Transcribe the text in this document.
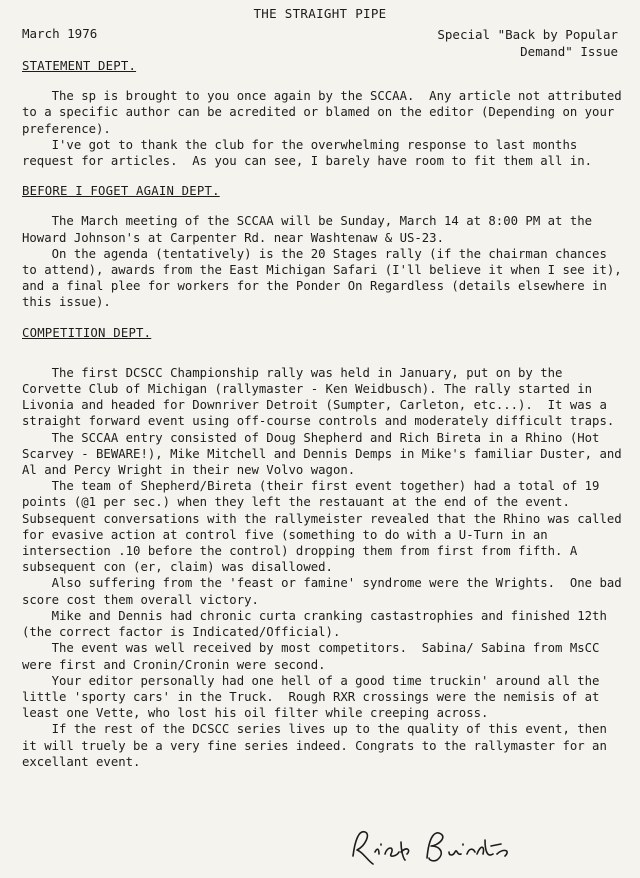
THE STRAIGHT PIPE
March 1976	Special "Back by Popular
Demand" Issue
STATEMENT DEPT.

The sp is brought to you once again by the SCCAA.  Any article not attributed to a specific author can be acredited or blamed on the editor (Depending on your preference).

I've got to thank the club for the overwhelming response to last months request for articles.  As you can see, I barely have room to fit them all in.

BEFORE I FOGET AGAIN DEPT.

The March meeting of the SCCAA will be Sunday, March 14 at 8:00 PM at the Howard Johnson's at Carpenter Rd. near Washtenaw & US-23.

On the agenda (tentatively) is the 20 Stages rally (if the chairman chances to attend), awards from the East Michigan Safari (I'll believe it when I see it), and a final plee for workers for the Ponder On Regardless (details elsewhere in this issue).

COMPETITION DEPT.

The first DCSCC Championship rally was held in January, put on by the Corvette Club of Michigan (rallymaster - Ken Weidbusch). The rally started in Livonia and headed for Downriver Detroit (Sumpter, Carleton, etc...).  It was a straight forward event using off-course controls and moderately difficult traps.

The SCCAA entry consisted of Doug Shepherd and Rich Bireta in a Rhino (Hot Scarvey - BEWARE!), Mike Mitchell and Dennis Demps in Mike's familiar Duster, and Al and Percy Wright in their new Volvo wagon.

The team of Shepherd/Bireta (their first event together) had a total of 19 points (@1 per sec.) when they left the restauant at the end of the event.  Subsequent conversations with the rallymeister revealed that the Rhino was called for evasive action at control five (something to do with a U-Turn in an intersection .10 before the control) dropping them from first from fifth. A subsequent con (er, claim) was disallowed.

Also suffering from the 'feast or famine' syndrome were the Wrights.  One bad score cost them overall victory.

Mike and Dennis had chronic curta cranking castastrophies and finished 12th (the correct factor is Indicated/Official).

The event was well received by most competitors.  Sabina/ Sabina from MsCC were first and Cronin/Cronin were second.

Your editor personally had one hell of a good time truckin' around all the little 'sporty cars' in the Truck.  Rough RXR crossings were the nemisis of at least one Vette, who lost his oil filter while creeping across.

If the rest of the DCSCC series lives up to the quality of this event, then it will truely be a very fine series indeed. Congrats to the rallymaster for an excellant event.
